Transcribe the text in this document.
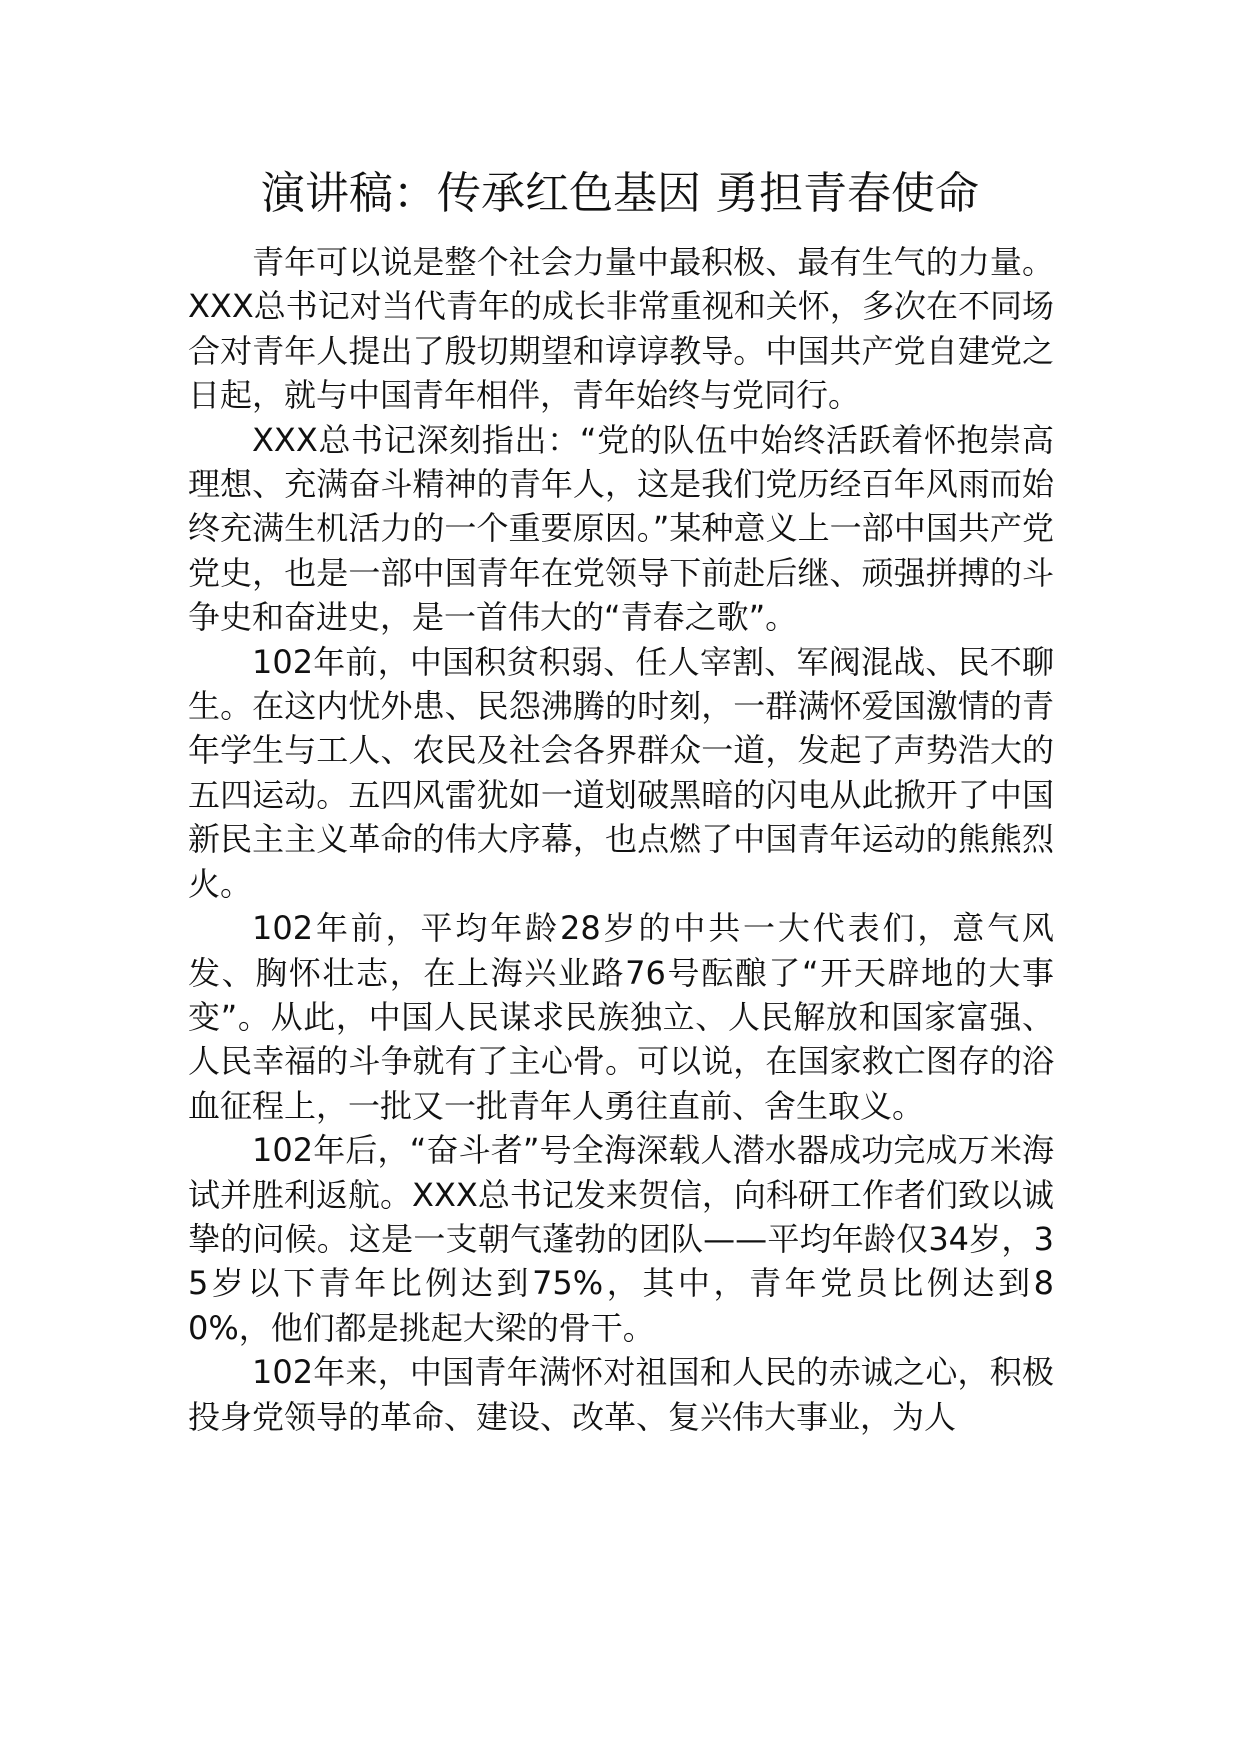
演讲稿：传承红色基因 勇担青春使命

青年可以说是整个社会力量中最积极、最有生气的力量。XXX总书记对当代青年的成长非常重视和关怀，多次在不同场合对青年人提出了殷切期望和谆谆教导。中国共产党自建党之日起，就与中国青年相伴，青年始终与党同行。

XXX总书记深刻指出：“党的队伍中始终活跃着怀抱崇高理想、充满奋斗精神的青年人，这是我们党历经百年风雨而始终充满生机活力的一个重要原因。”某种意义上一部中国共产党党史，也是一部中国青年在党领导下前赴后继、顽强拼搏的斗争史和奋进史，是一首伟大的“青春之歌”。

102年前，中国积贫积弱、任人宰割、军阀混战、民不聊生。在这内忧外患、民怨沸腾的时刻，一群满怀爱国激情的青年学生与工人、农民及社会各界群众一道，发起了声势浩大的五四运动。五四风雷犹如一道划破黑暗的闪电从此掀开了中国新民主主义革命的伟大序幕，也点燃了中国青年运动的熊熊烈火。

102年前，平均年龄28岁的中共一大代表们，意气风发、胸怀壮志，在上海兴业路76号酝酿了“开天辟地的大事变”。从此，中国人民谋求民族独立、人民解放和国家富强、人民幸福的斗争就有了主心骨。可以说，在国家救亡图存的浴血征程上，一批又一批青年人勇往直前、舍生取义。

102年后，“奋斗者”号全海深载人潜水器成功完成万米海试并胜利返航。XXX总书记发来贺信，向科研工作者们致以诚挚的问候。这是一支朝气蓬勃的团队——平均年龄仅34岁，35岁以下青年比例达到75%，其中，青年党员比例达到80%，他们都是挑起大梁的骨干。

102年来，中国青年满怀对祖国和人民的赤诚之心，积极投身党领导的革命、建设、改革、复兴伟大事业，为人
